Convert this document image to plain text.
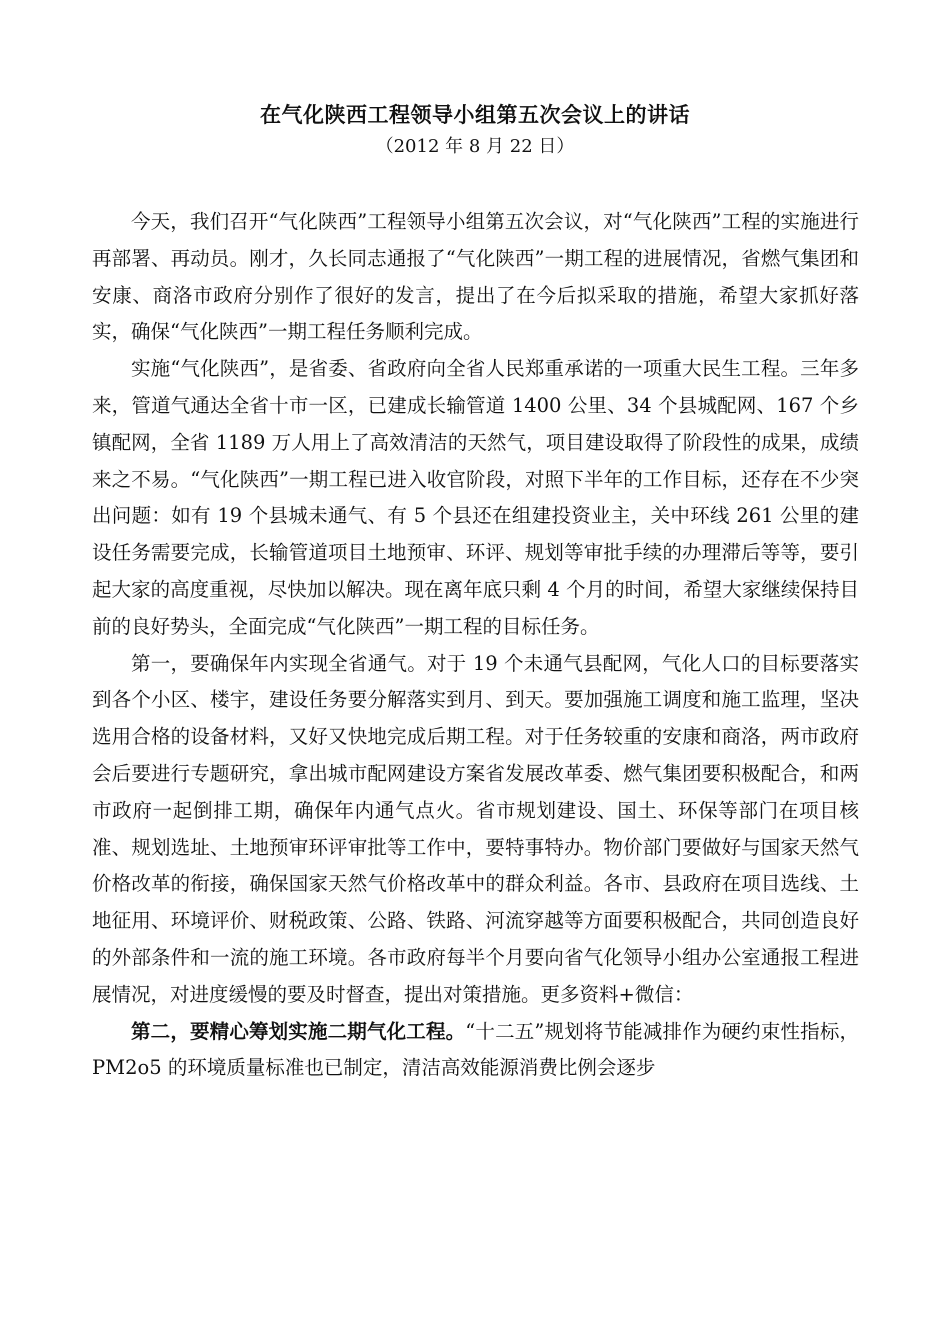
在气化陕西工程领导小组第五次会议上的讲话
（2012 年 8 月 22 日）

今天，我们召开“气化陕西”工程领导小组第五次会议，对“气化陕西”工程的实施进行再部署、再动员。刚才，久长同志通报了“气化陕西”一期工程的进展情况，省燃气集团和安康、商洛市政府分别作了很好的发言，提出了在今后拟采取的措施，希望大家抓好落实，确保“气化陕西”一期工程任务顺利完成。

实施“气化陕西”，是省委、省政府向全省人民郑重承诺的一项重大民生工程。三年多来，管道气通达全省十市一区，已建成长输管道 1400 公里、34 个县城配网、167 个乡镇配网，全省 1189 万人用上了高效清洁的天然气，项目建设取得了阶段性的成果，成绩来之不易。“气化陕西”一期工程已进入收官阶段，对照下半年的工作目标，还存在不少突出问题：如有 19 个县城未通气、有 5 个县还在组建投资业主，关中环线 261 公里的建设任务需要完成，长输管道项目土地预审、环评、规划等审批手续的办理滞后等等，要引起大家的高度重视，尽快加以解决。现在离年底只剩 4 个月的时间，希望大家继续保持目前的良好势头，全面完成“气化陕西”一期工程的目标任务。

第一，要确保年内实现全省通气。对于 19 个未通气县配网，气化人口的目标要落实到各个小区、楼宇，建设任务要分解落实到月、到天。要加强施工调度和施工监理，坚决选用合格的设备材料，又好又快地完成后期工程。对于任务较重的安康和商洛，两市政府会后要进行专题研究，拿出城市配网建设方案省发展改革委、燃气集团要积极配合，和两市政府一起倒排工期，确保年内通气点火。省市规划建设、国土、环保等部门在项目核准、规划选址、土地预审环评审批等工作中，要特事特办。物价部门要做好与国家天然气价格改革的衔接，确保国家天然气价格改革中的群众利益。各市、县政府在项目选线、土地征用、环境评价、财税政策、公路、铁路、河流穿越等方面要积极配合，共同创造良好的外部条件和一流的施工环境。各市政府每半个月要向省气化领导小组办公室通报工程进展情况，对进度缓慢的要及时督查，提出对策措施。更多资料+微信：

第二，要精心筹划实施二期气化工程。“十二五”规划将节能减排作为硬约束性指标，PM2o5 的环境质量标准也已制定，清洁高效能源消费比例会逐步
